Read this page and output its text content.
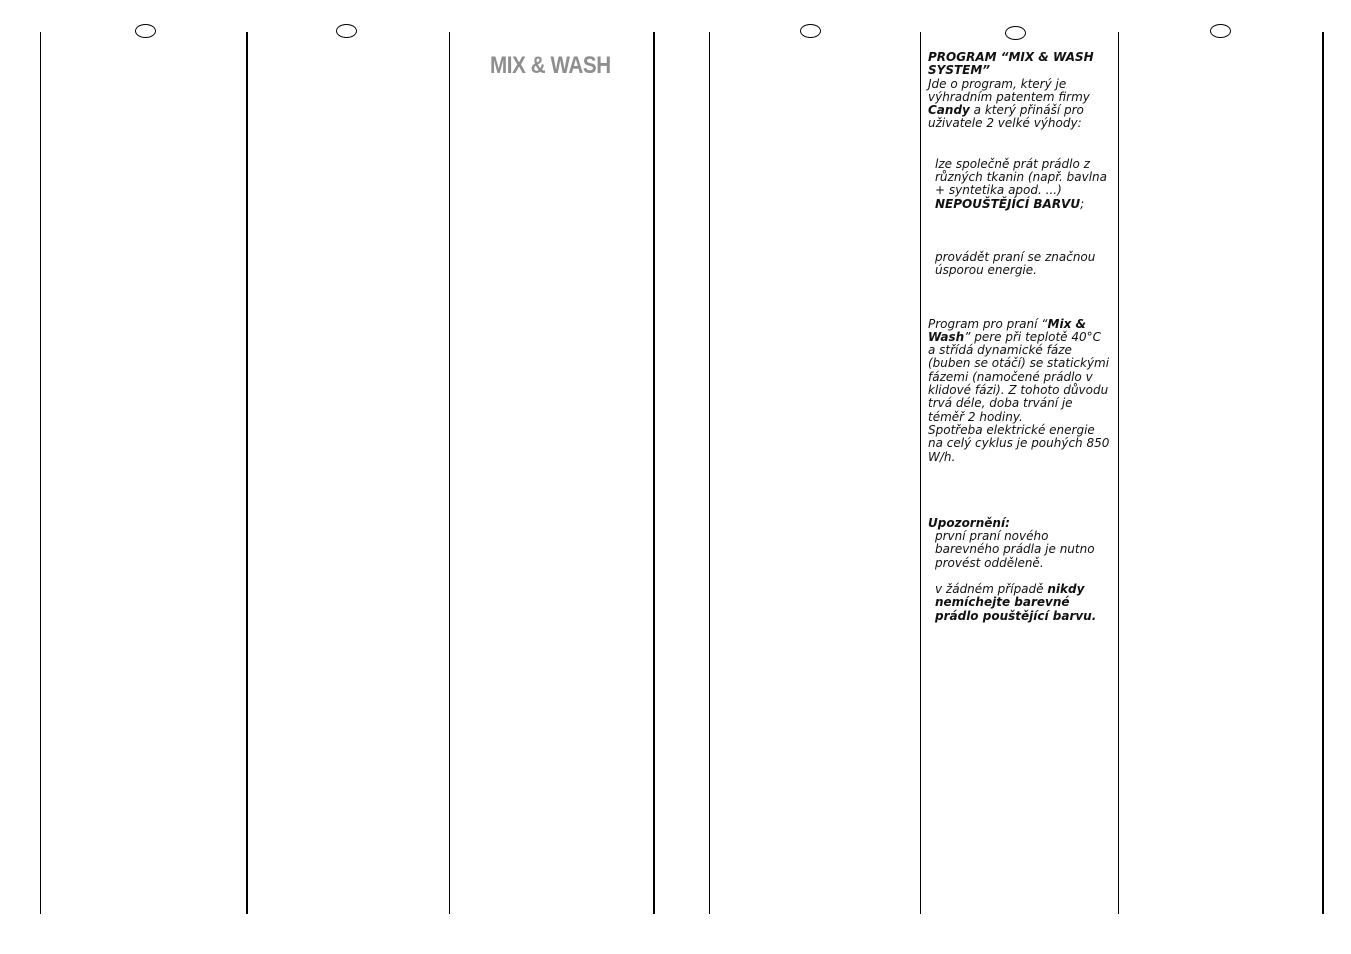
MIX & WASH	PROGRAM “MIX & WASH SYSTEM”

Jde o program, který je výhradním patentem firmy Candy a který přináší pro uživatele 2 velké výhody:

lze společně prát prádlo z různých tkanin (např. bavlna + syntetika apod. ...) NEPOUŠTĚJÍCÍ BARVU;

provádět praní se značnou úsporou energie.

Program pro praní “Mix & Wash” pere při teplotě 40°C a střídá dynamické fáze (buben se otáčí) se statickými fázemi (namočené prádlo v klidové fázi). Z tohoto důvodu trvá déle, doba trvání je téměř 2 hodiny.

Spotřeba elektrické energie na celý cyklus je pouhých 850 W/h.

Upozornění:

první praní nového barevného prádla je nutno provést odděleně.

v žádném případě nikdy nemíchejte barevné prádlo pouštějící barvu.
